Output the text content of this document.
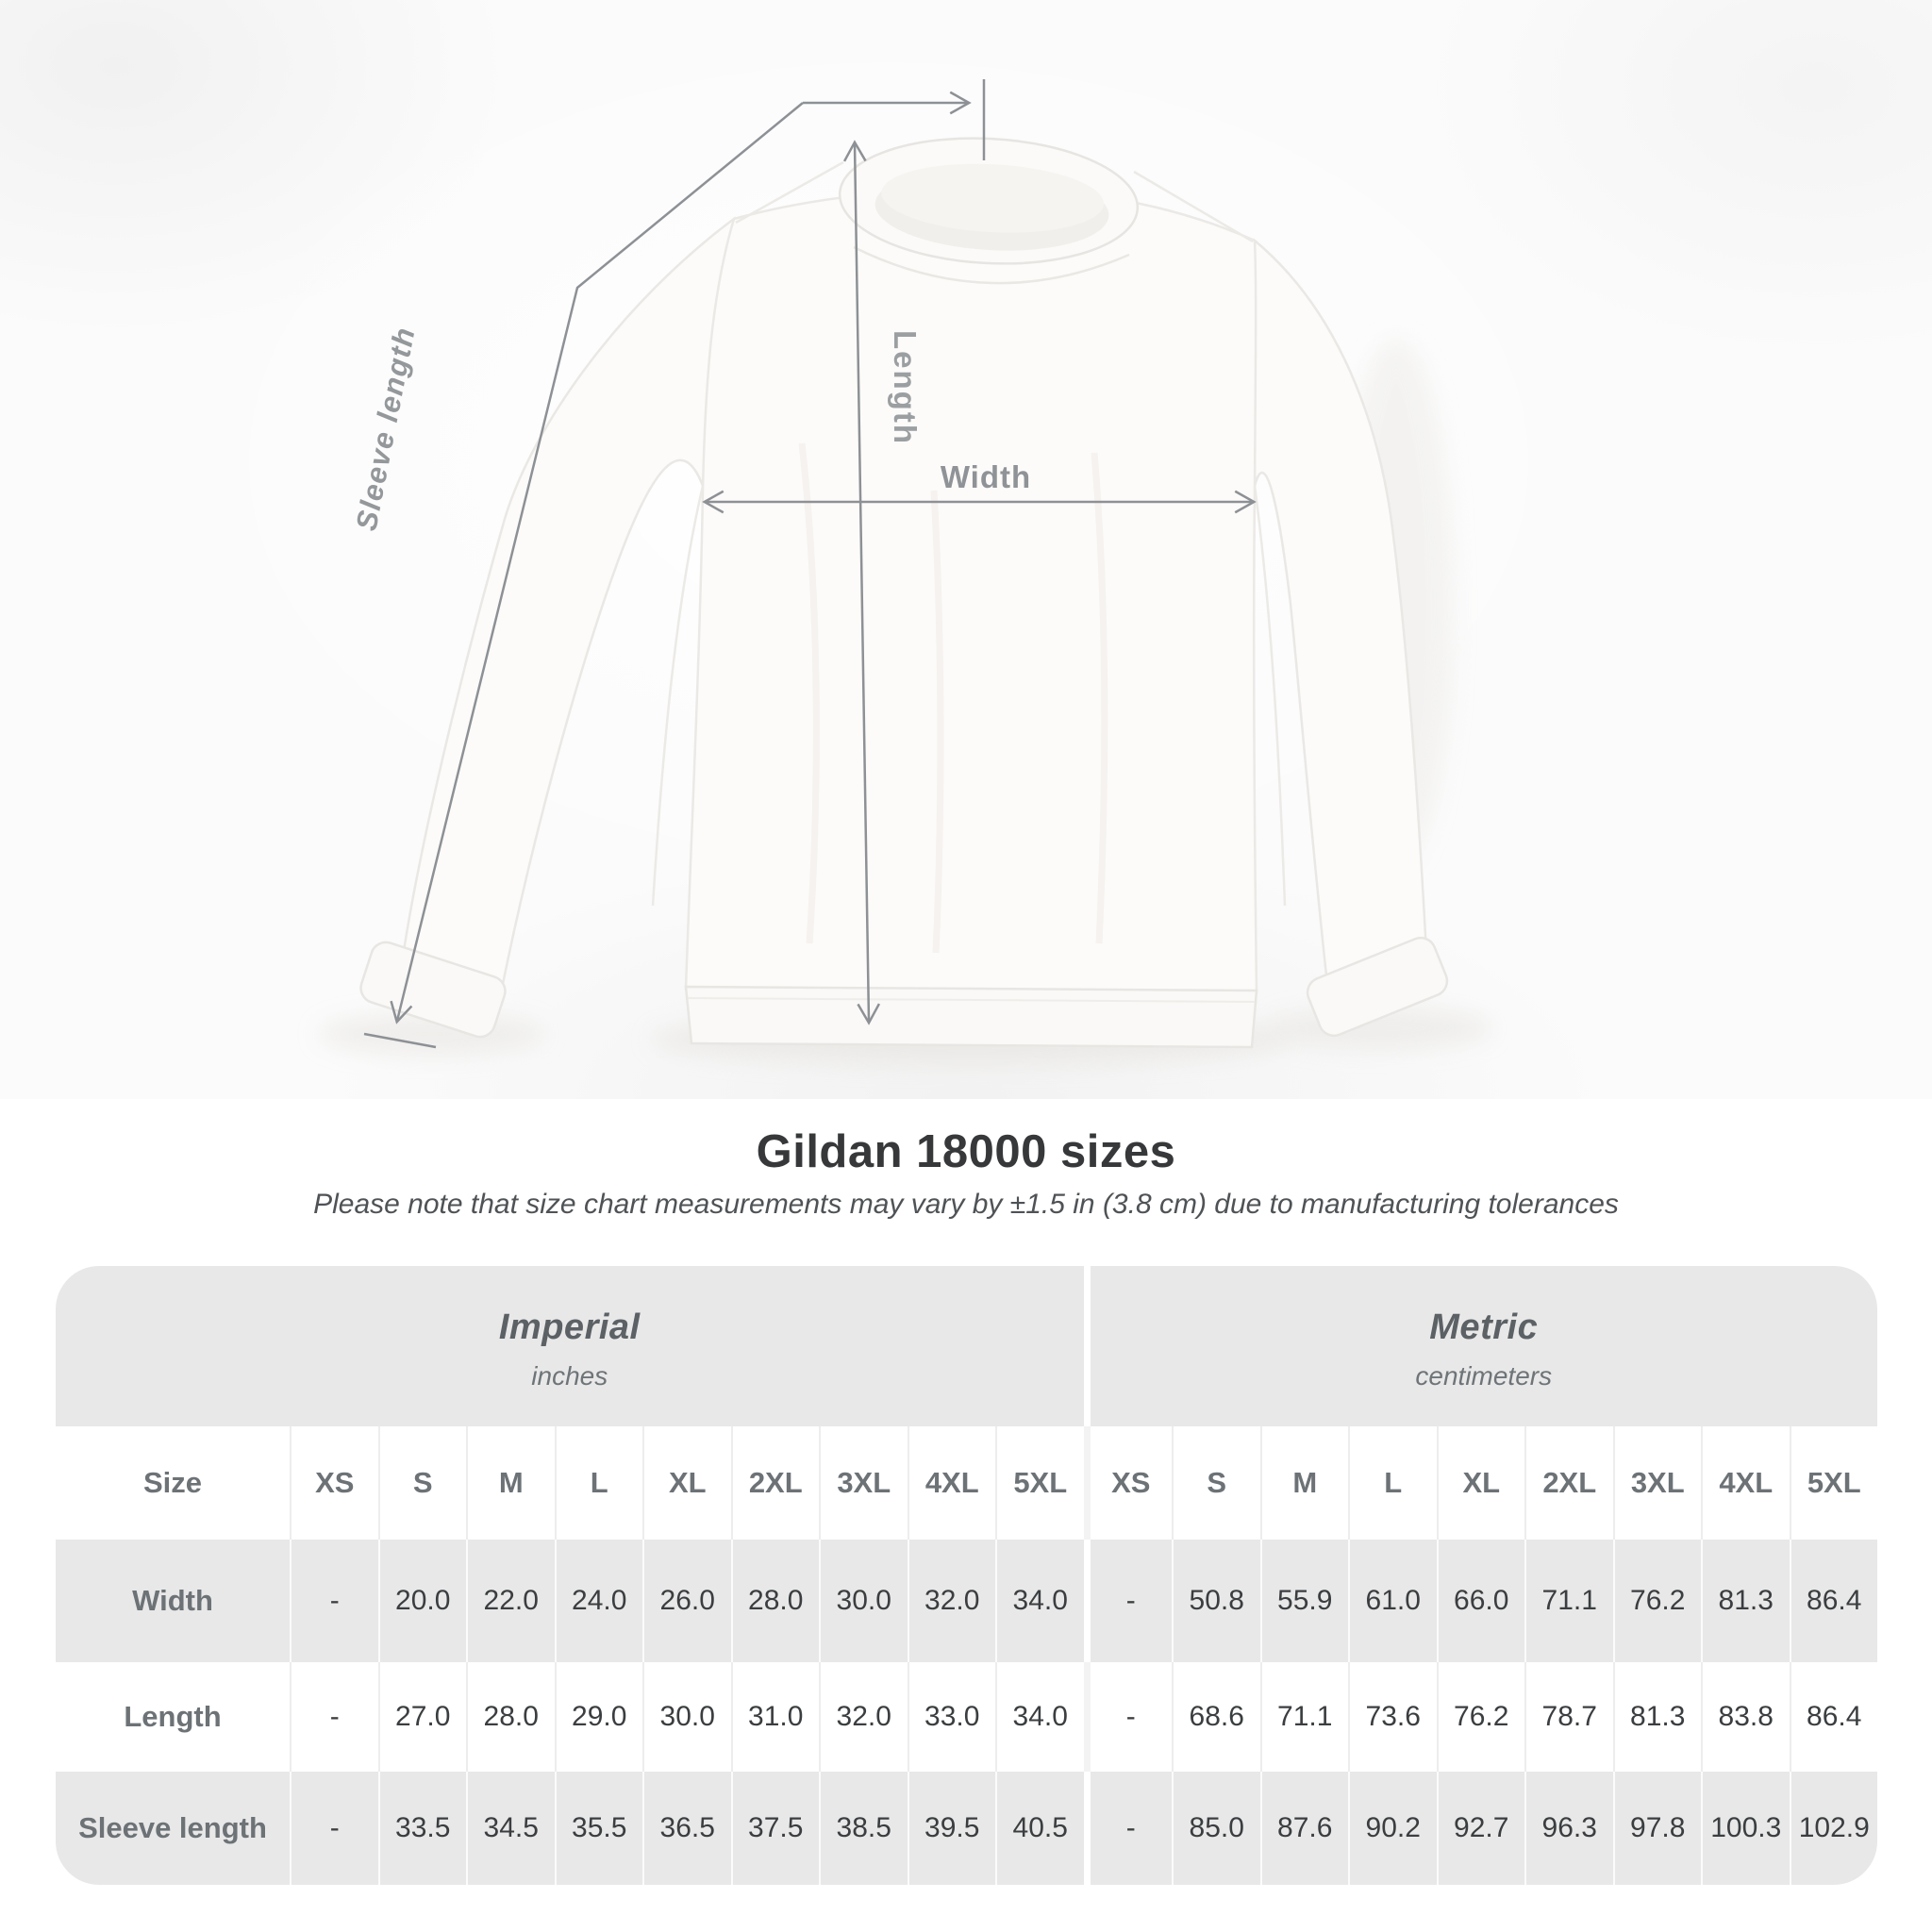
Length
Width
Sleeve length
Gildan 18000 sizes

Please note that size chart measurements may vary by ±1.5 in (3.8 cm) due to manufacturing tolerances

Imperial
inches
Metric
centimeters
Size	XS	S	M	L	XL	2XL	3XL	4XL	5XL	XS	S	M	L	XL	2XL	3XL	4XL	5XL
Width	-	20.0	22.0	24.0	26.0	28.0	30.0	32.0	34.0	-	50.8	55.9	61.0	66.0	71.1	76.2	81.3	86.4
Length	-	27.0	28.0	29.0	30.0	31.0	32.0	33.0	34.0	-	68.6	71.1	73.6	76.2	78.7	81.3	83.8	86.4
Sleeve length	-	33.5	34.5	35.5	36.5	37.5	38.5	39.5	40.5	-	85.0	87.6	90.2	92.7	96.3	97.8 100.3 102.9
